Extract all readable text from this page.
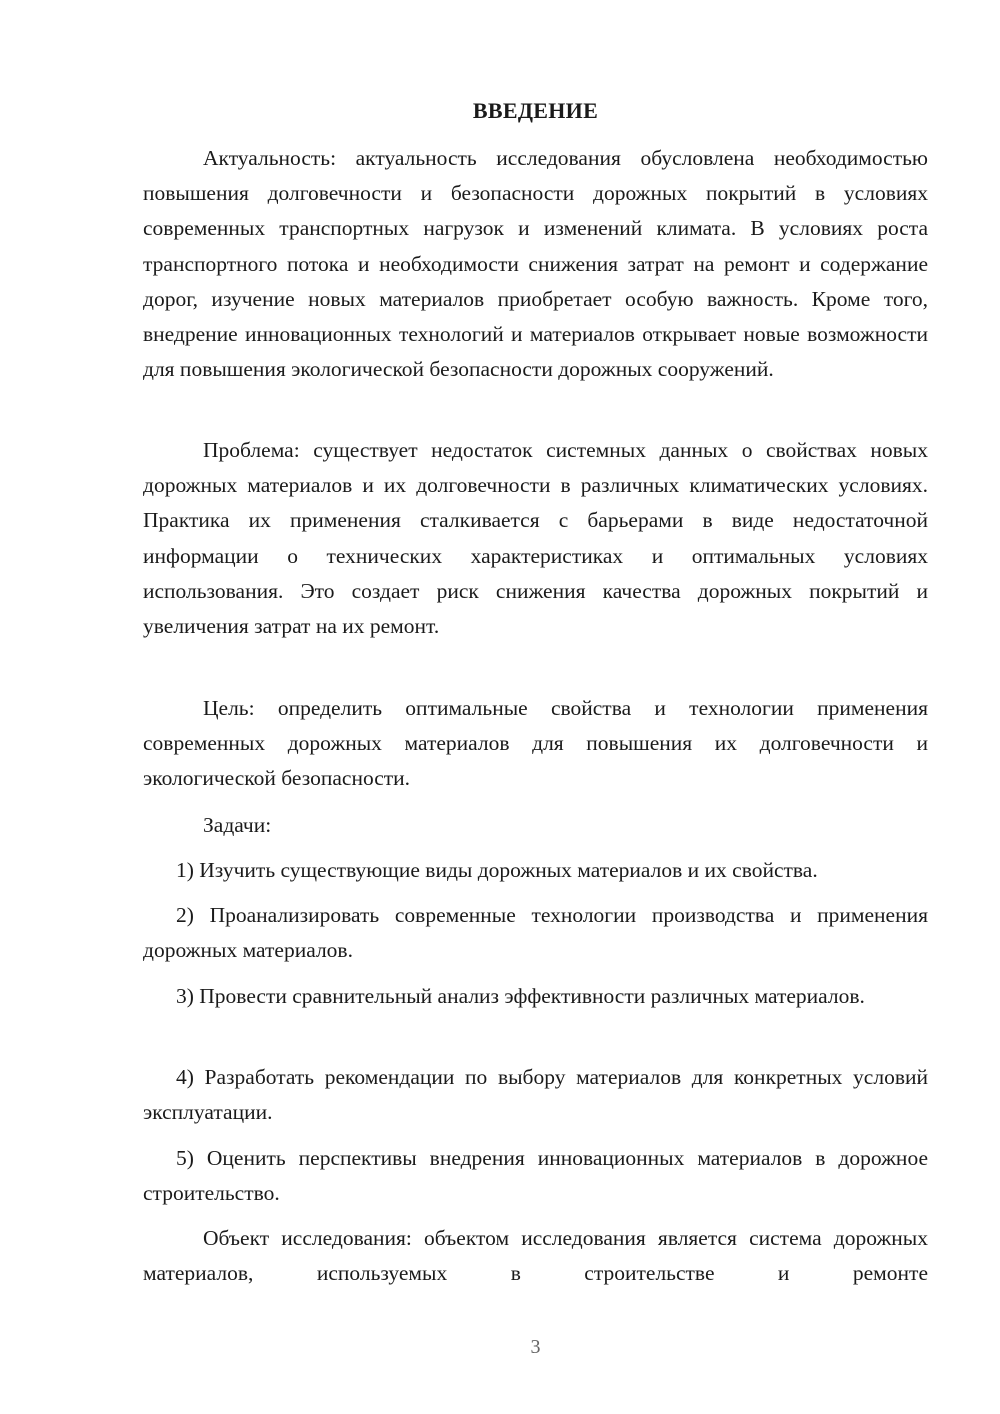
ВВЕДЕНИЕ

Актуальность: актуальность исследования обусловлена необходимостью повышения долговечности и безопасности дорожных покрытий в условиях современных транспортных нагрузок и изменений климата. В условиях роста транспортного потока и необходимости снижения затрат на ремонт и содержание дорог, изучение новых материалов приобретает особую важность. Кроме того, внедрение инновационных технологий и материалов открывает новые возможности для повышения экологической безопасности дорожных сооружений.

Проблема: существует недостаток системных данных о свойствах новых дорожных материалов и их долговечности в различных климатических условиях. Практика их применения сталкивается с барьерами в виде недостаточной информации о технических характеристиках и оптимальных условиях использования. Это создает риск снижения качества дорожных покрытий и увеличения затрат на их ремонт.

Цель: определить оптимальные свойства и технологии применения современных дорожных материалов для повышения их долговечности и экологической безопасности.

Задачи:

1) Изучить существующие виды дорожных материалов и их свойства.

2) Проанализировать современные технологии производства и применения дорожных материалов.

3) Провести сравнительный анализ эффективности различных материалов.

4) Разработать рекомендации по выбору материалов для конкретных условий эксплуатации.

5) Оценить перспективы внедрения инновационных материалов в дорожное строительство.

Объект исследования: объектом исследования является система дорожных материалов, используемых в строительстве и ремонте

3
